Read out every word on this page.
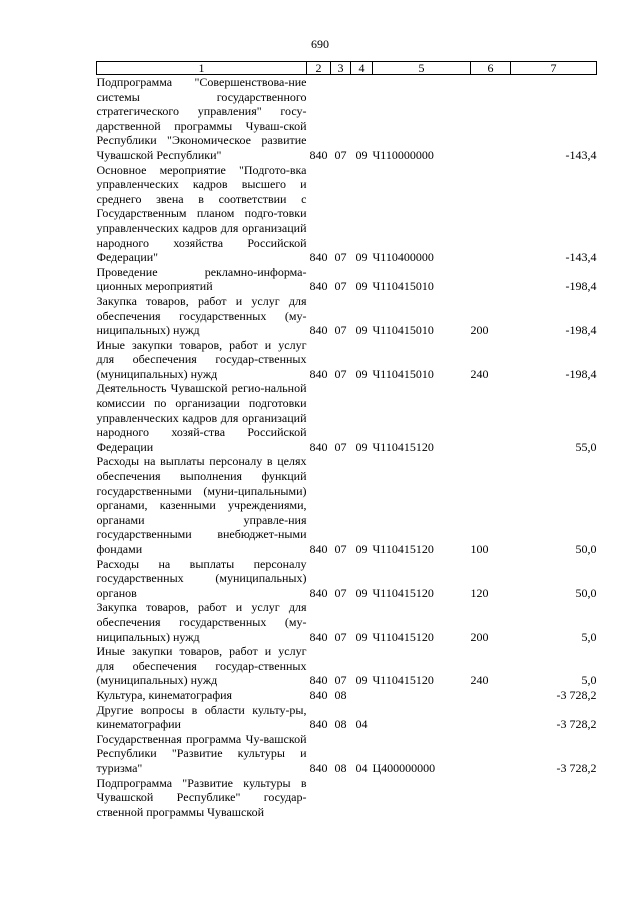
690
1	2	3	4	5	6	7
Подпрограмма "Совершенствова-ние системы государственного стратегического управления" госу-дарственной программы Чуваш-ской Республики "Экономическое развитие Чувашской Республики"	840	07	09	Ч110000000		-143,4
Основное мероприятие "Подгото-вка управленческих кадров высшего и среднего звена в соответствии с Государственным планом подго-товки управленческих кадров для организаций народного хозяйства Российской Федерации"	840	07	09	Ч110400000		-143,4
Проведение рекламно-информа-ционных мероприятий	840	07	09	Ч110415010		-198,4
Закупка товаров, работ и услуг для обеспечения государственных (му-ниципальных) нужд	840	07	09	Ч110415010	200	-198,4
Иные закупки товаров, работ и услуг для обеспечения государ-ственных (муниципальных) нужд	840	07	09	Ч110415010	240	-198,4
Деятельность Чувашской регио-нальной комиссии по организации подготовки управленческих кадров для организаций народного хозяй-ства Российской Федерации	840	07	09	Ч110415120		55,0
Расходы на выплаты персоналу в целях обеспечения выполнения функций государственными (муни-ципальными) органами, казенными учреждениями, органами управле-ния государственными внебюджет-ными фондами	840	07	09	Ч110415120	100	50,0
Расходы на выплаты персоналу государственных (муниципальных) органов	840	07	09	Ч110415120	120	50,0
Закупка товаров, работ и услуг для обеспечения государственных (му-ниципальных) нужд	840	07	09	Ч110415120	200	5,0
Иные закупки товаров, работ и услуг для обеспечения государ-ственных (муниципальных) нужд	840	07	09	Ч110415120	240	5,0
Культура, кинематография	840	08				-3 728,2
Другие вопросы в области культу-ры, кинематографии	840	08	04			-3 728,2
Государственная программа Чу-вашской Республики "Развитие культуры и туризма"	840	08	04	Ц400000000		-3 728,2
Подпрограмма "Развитие культуры в Чувашской Республике" государ-ственной программы Чувашской						
